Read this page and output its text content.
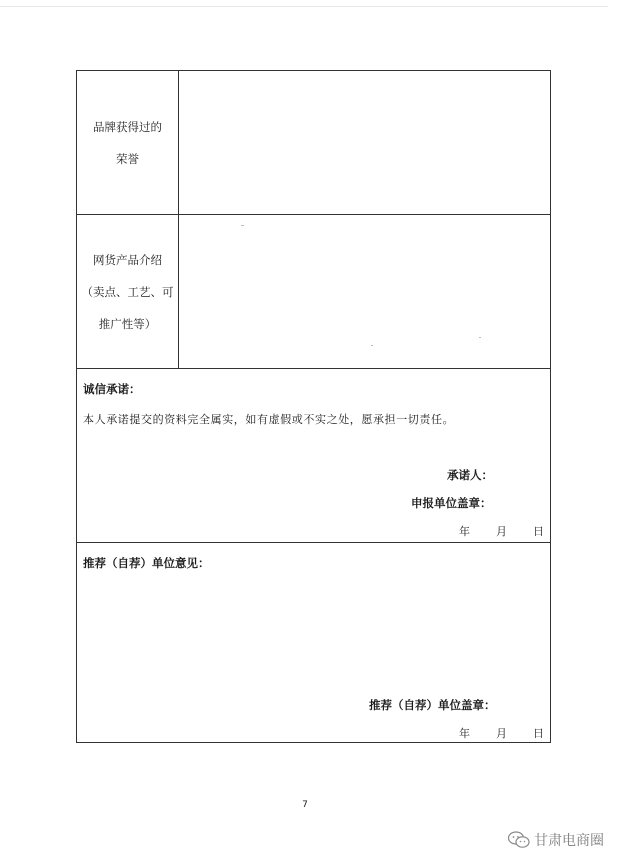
品牌获得过的
荣誉
网货产品介绍
（卖点、工艺、可
推广性等）
诚信承诺：
本人承诺提交的资料完全属实，如有虚假或不实之处，愿承担一切责任。
承诺人：
申报单位盖章：
年 月 日
推荐（自荐）单位意见：
推荐（自荐）单位盖章：
年 月 日
7
甘肃电商圈
